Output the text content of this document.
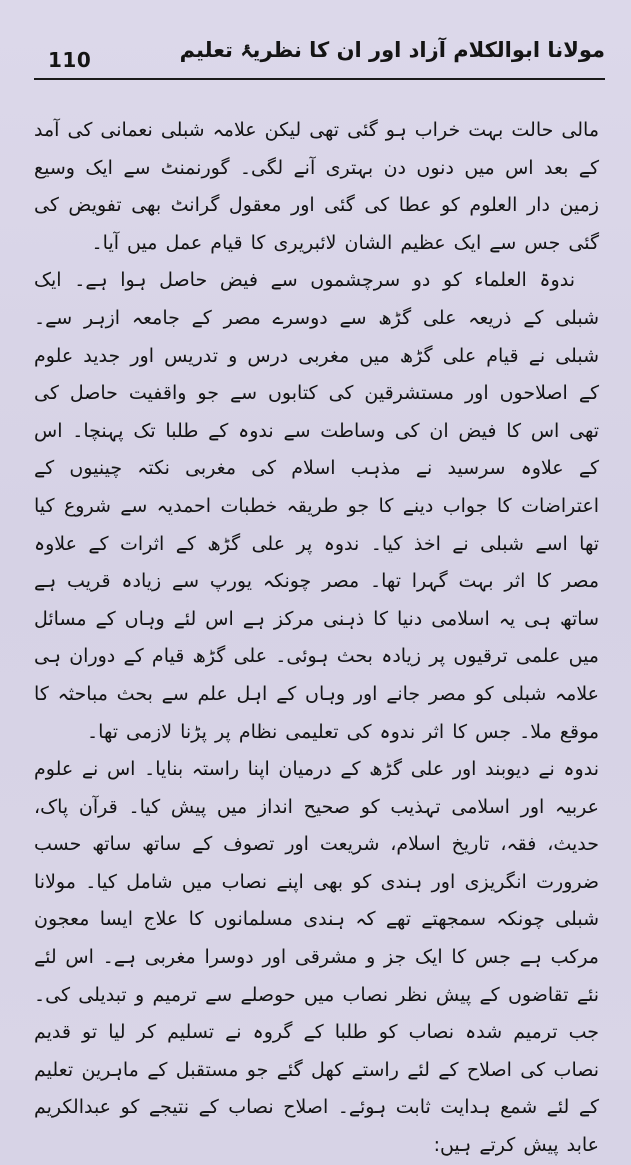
110	مولانا ابوالکلام آزاد اور ان کا نظریۂ تعلیم

مالی حالت بہت خراب ہو گئی تھی لیکن علامہ شبلی نعمانی کی آمد کے بعد اس میں دنوں دن بہتری آنے لگی۔ گورنمنٹ سے ایک وسیع زمین دار العلوم کو عطا کی گئی اور معقول گرانٹ بھی تفویض کی گئی جس سے ایک عظیم الشان لائبریری کا قیام عمل میں آیا۔

ندوۃ العلماء کو دو سرچشموں سے فیض حاصل ہوا ہے۔ ایک شبلی کے ذریعہ علی گڑھ سے دوسرے مصر کے جامعہ ازہر سے۔ شبلی نے قیام علی گڑھ میں مغربی درس و تدریس اور جدید علوم کے اصلاحوں اور مستشرقین کی کتابوں سے جو واقفیت حاصل کی تھی اس کا فیض ان کی وساطت سے ندوہ کے طلبا تک پہنچا۔ اس کے علاوہ سرسید نے مذہب اسلام کی مغربی نکتہ چینیوں کے اعتراضات کا جواب دینے کا جو طریقہ خطبات احمدیہ سے شروع کیا تھا اسے شبلی نے اخذ کیا۔ ندوہ پر علی گڑھ کے اثرات کے علاوہ مصر کا اثر بہت گہرا تھا۔ مصر چونکہ یورپ سے زیادہ قریب ہے ساتھ ہی یہ اسلامی دنیا کا ذہنی مرکز ہے اس لئے وہاں کے مسائل میں علمی ترقیوں پر زیادہ بحث ہوئی۔ علی گڑھ قیام کے دوران ہی علامہ شبلی کو مصر جانے اور وہاں کے اہل علم سے بحث مباحثہ کا موقع ملا۔ جس کا اثر ندوہ کی تعلیمی نظام پر پڑنا لازمی تھا۔

ندوہ نے دیوبند اور علی گڑھ کے درمیان اپنا راستہ بنایا۔ اس نے علوم عربیہ اور اسلامی تہذیب کو صحیح انداز میں پیش کیا۔ قرآن پاک، حدیث، فقہ، تاریخ اسلام، شریعت اور تصوف کے ساتھ ساتھ حسب ضرورت انگریزی اور ہندی کو بھی اپنے نصاب میں شامل کیا۔ مولانا شبلی چونکہ سمجھتے تھے کہ ہندی مسلمانوں کا علاج ایسا معجون مرکب ہے جس کا ایک جز و مشرقی اور دوسرا مغربی ہے۔ اس لئے نئے تقاضوں کے پیش نظر نصاب میں حوصلے سے ترمیم و تبدیلی کی۔ جب ترمیم شدہ نصاب کو طلبا کے گروہ نے تسلیم کر لیا تو قدیم نصاب کی اصلاح کے لئے راستے کھل گئے جو مستقبل کے ماہرین تعلیم کے لئے شمع ہدایت ثابت ہوئے۔ اصلاح نصاب کے نتیجے کو عبدالکریم عابد پیش کرتے ہیں:
